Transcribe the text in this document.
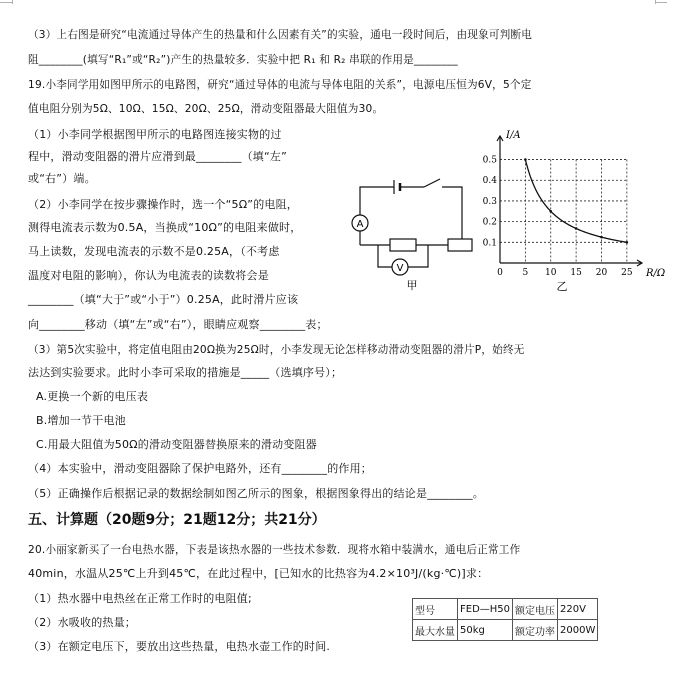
（3）上右图是研究“电流通过导体产生的热量和什么因素有关”的实验，通电一段时间后，由现象可判断电
阻________(填写“R₁”或“R₂”)产生的热量较多．实验中把 R₁ 和 R₂ 串联的作用是________
19.小李同学用如图甲所示的电路图，研究“通过导体的电流与导体电阻的关系”，电源电压恒为6V，5个定
值电阻分别为5Ω、10Ω、15Ω、20Ω、25Ω，滑动变阻器最大阻值为30。
（1）小李同学根据图甲所示的电路图连接实物的过
程中，滑动变阻器的滑片应滑到最________（填“左”
或“右”）端。
（2）小李同学在按步骤操作时，选一个“5Ω”的电阻，
测得电流表示数为0.5A，当换成“10Ω”的电阻来做时，
马上读数，发现电流表的示数不是0.25A，（不考虑
温度对电阻的影响），你认为电流表的读数将会是
________（填“大于”或“小于”）0.25A，此时滑片应该
向________移动（填“左”或“右”），眼睛应观察________表；
（3）第5次实验中，将定值电阻由20Ω换为25Ω时，小李发现无论怎样移动滑动变阻器的滑片P，始终无
法达到实验要求。此时小李可采取的措施是_____（选填序号）；
A.更换一个新的电压表
B.增加一节干电池
C.用最大阻值为50Ω的滑动变阻器替换原来的滑动变阻器
（4）本实验中，滑动变阻器除了保护电路外，还有________的作用；
（5）正确操作后根据记录的数据绘制如图乙所示的图象，根据图象得出的结论是________。
五、计算题（20题9分；21题12分；共21分）
20.小丽家新买了一台电热水器，下表是该热水器的一些技术参数．现将水箱中装满水，通电后正常工作
40min，水温从25℃上升到45℃，在此过程中，[已知水的比热容为4.2×10³J/(kg·℃)]求：
（1）热水器中电热丝在正常工作时的电阻值;
（2）水吸收的热量；
（3）在额定电压下，要放出这些热量，电热水壶工作的时间.
型号	FED—H50	额定电压	220V
最大水量	50kg	额定功率	2000W
A
V
甲
0.5
0.4
0.3
0.2
0.1
0 5 10 15 20 25
I/A
R/Ω
乙
